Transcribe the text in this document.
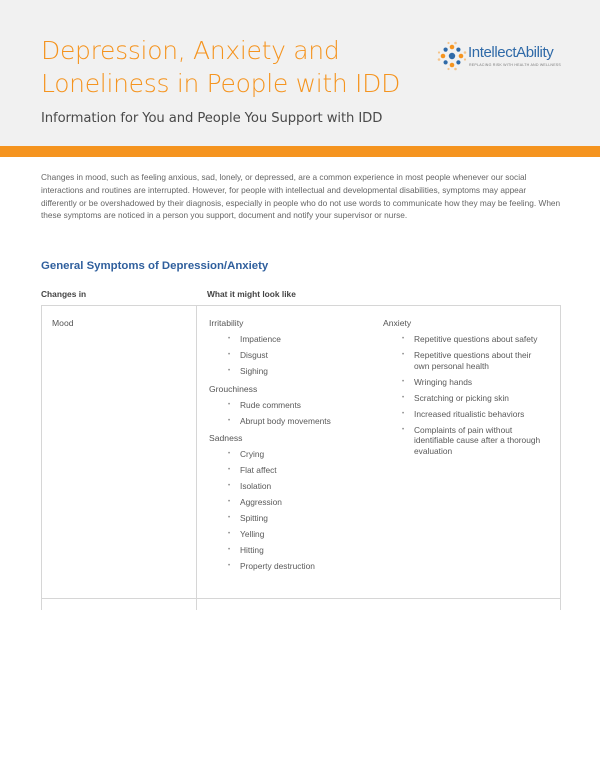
Depression, Anxiety and Loneliness in People with IDD

Information for You and People You Support with IDD

IntellectAbility
REPLACING RISK WITH HEALTH AND WELLNESS

Changes in mood, such as feeling anxious, sad, lonely, or depressed, are a common experience in most people whenever our social interactions and routines are interrupted. However, for people with intellectual and developmental disabilities, symptoms may appear differently or be overshadowed by their diagnosis, especially in people who do not use words to communicate how they may be feeling. When these symptoms are noticed in a person you support, document and notify your supervisor or nurse.

General Symptoms of Depression/Anxiety
Changes in	What it might look like
Mood	Irritability

• Impatience
• Disgust
• Sighing

Grouchiness

• Rude comments
• Abrupt body movements

Sadness

• Crying
• Flat affect
• Isolation
• Aggression
• Spitting
• Yelling
• Hitting
• Property destruction

Anxiety

• Repetitive questions about safety
• Repetitive questions about their own personal health
• Wringing hands
• Scratching or picking skin
• Increased ritualistic behaviors
• Complaints of pain without identifiable cause after a thorough evaluation
